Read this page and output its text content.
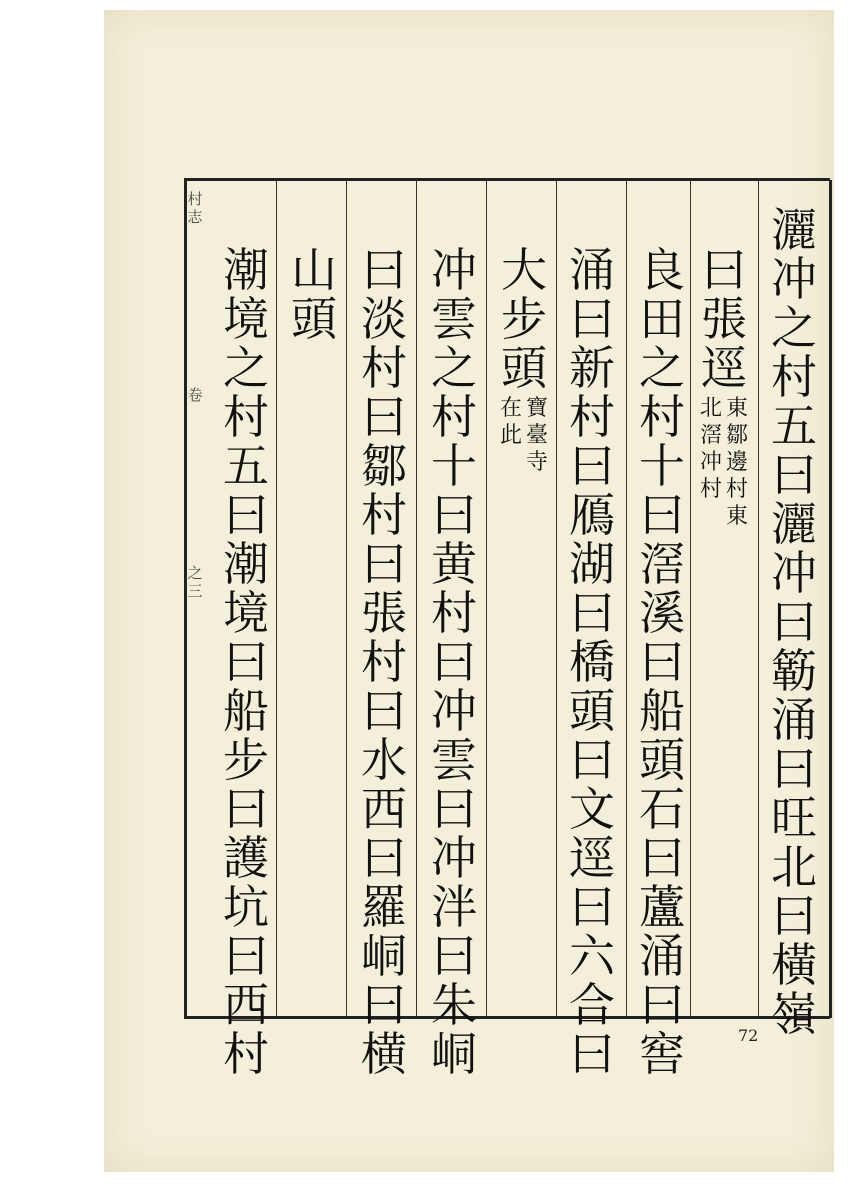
村
志
卷
之
三
灑
冲
之
村
五
曰
灑
冲
曰
簕
涌
曰
旺
北
曰
橫
嶺
曰
張
逕
東
鄒
邊
村
東
北
滘
冲
村
良
田
之
村
十
曰
滘
溪
曰
船
頭
石
曰
蘆
涌
曰
窖
涌
曰
新
村
曰
鴈
湖
曰
橋
頭
曰
文
逕
曰
六
合
曰
大
步
頭
寶
臺
寺
在
此
冲
雲
之
村
十
曰
黄
村
曰
冲
雲
曰
冲
泮
曰
朱
峒
曰
淡
村
曰
鄒
村
曰
張
村
曰
水
西
曰
羅
峒
曰
横
山
頭
潮
境
之
村
五
曰
潮
境
曰
船
步
曰
護
坑
曰
西
村	72
